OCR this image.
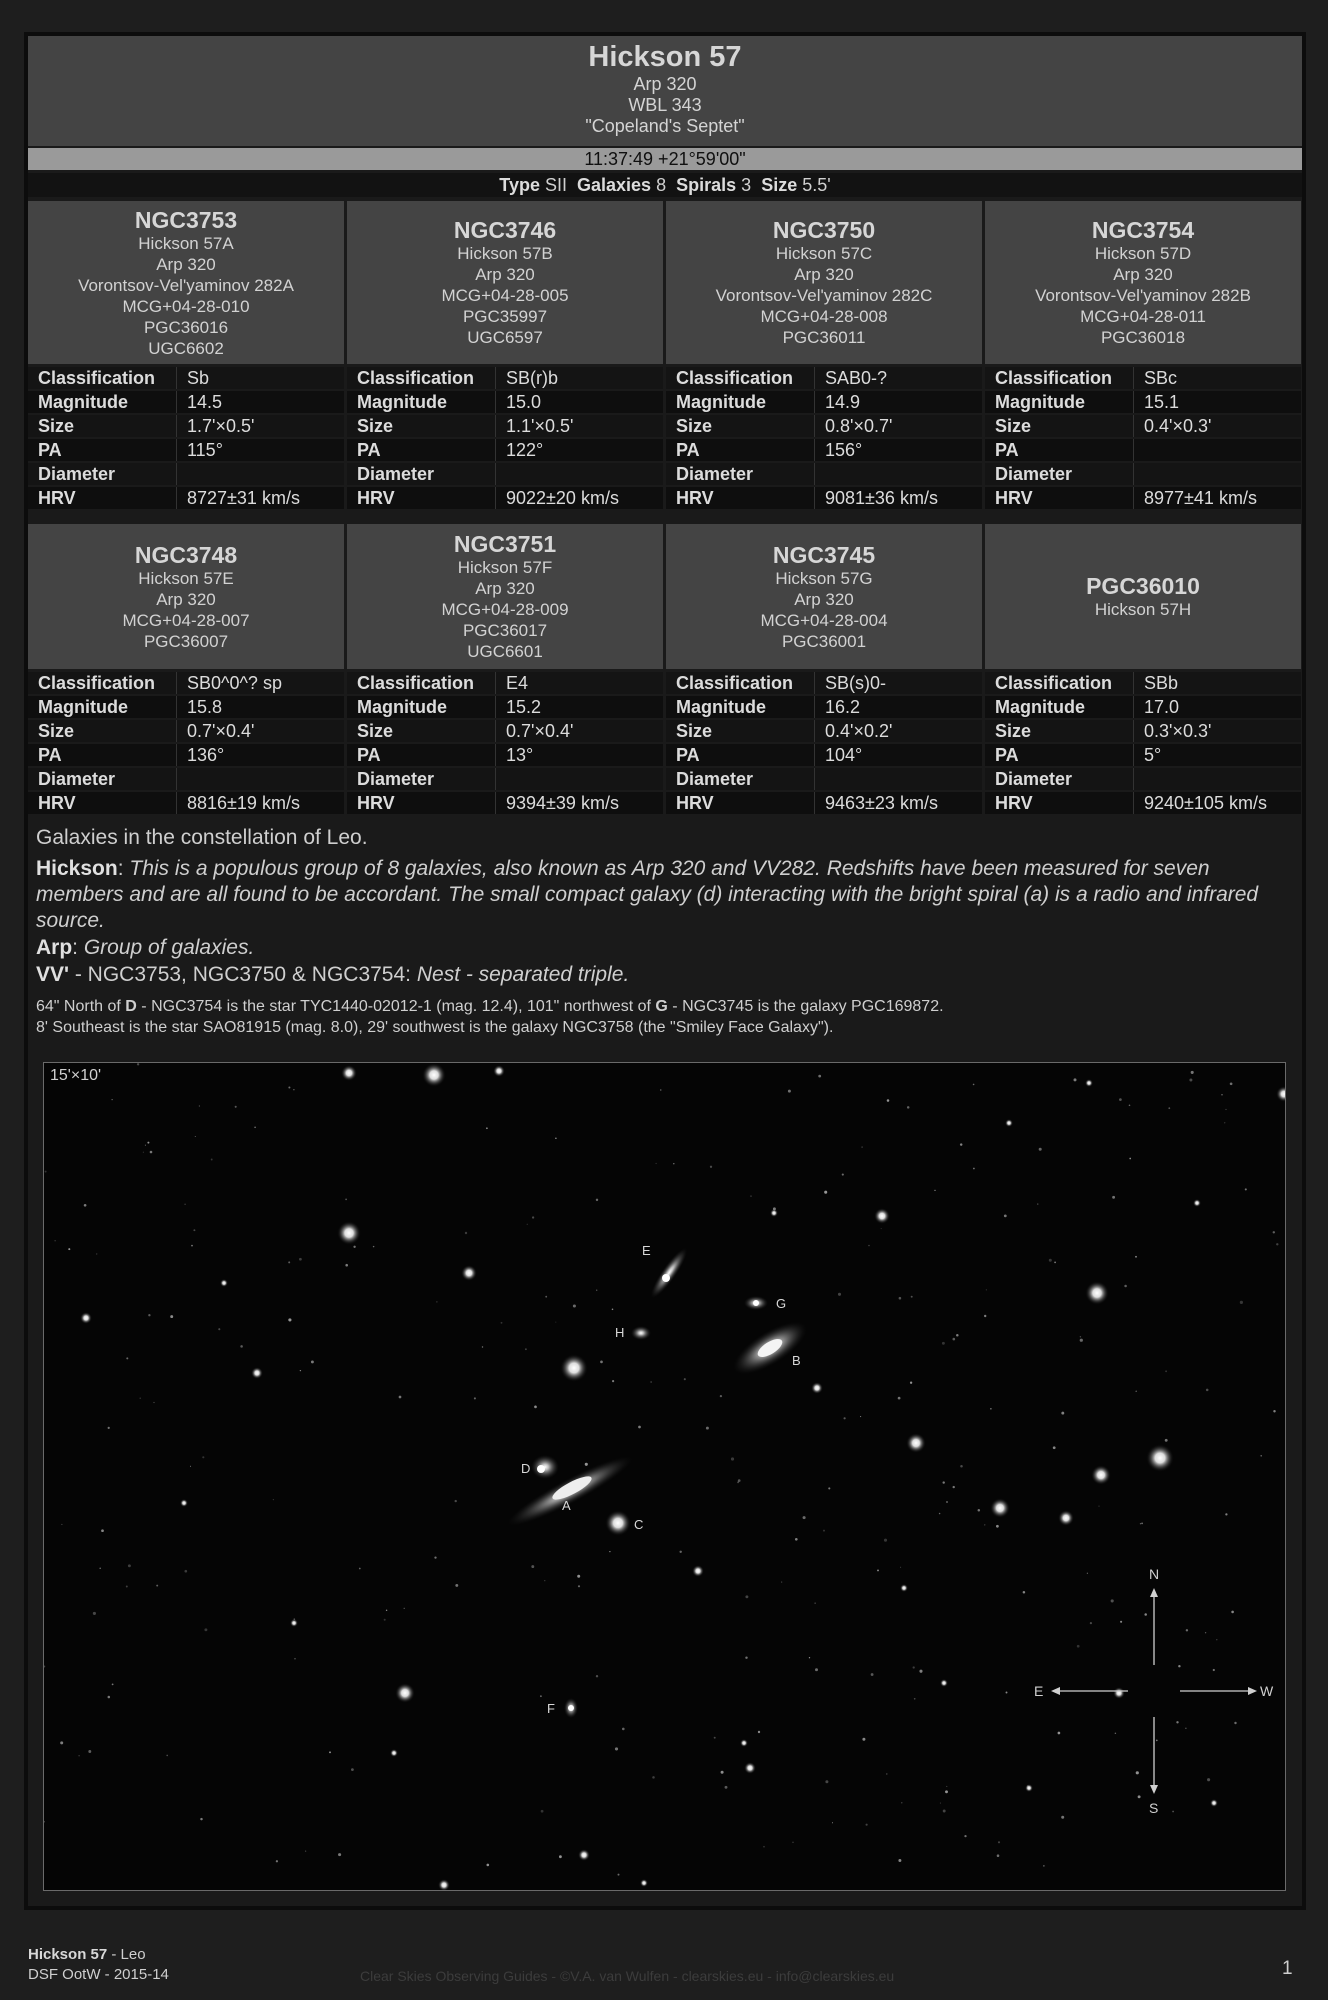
Hickson 57
Arp 320
WBL 343
"Copeland's Septet"
11:37:49 +21°59'00"
Type SII Galaxies 8 Spirals 3 Size 5.5'
NGC3753
Hickson 57A
Arp 320
Vorontsov-Vel'yaminov 282A
MCG+04-28-010
PGC36016
UGC6602
Classification	Sb
Magnitude	14.5
Size	1.7'×0.5'
PA	115°
Diameter	
HRV	8727±31 km/s
NGC3746
Hickson 57B
Arp 320
MCG+04-28-005
PGC35997
UGC6597
Classification	SB(r)b
Magnitude	15.0
Size	1.1'×0.5'
PA	122°
Diameter	
HRV	9022±20 km/s
NGC3750
Hickson 57C
Arp 320
Vorontsov-Vel'yaminov 282C
MCG+04-28-008
PGC36011
Classification	SAB0-?
Magnitude	14.9
Size	0.8'×0.7'
PA	156°
Diameter	
HRV	9081±36 km/s
NGC3754
Hickson 57D
Arp 320
Vorontsov-Vel'yaminov 282B
MCG+04-28-011
PGC36018
Classification	SBc
Magnitude	15.1
Size	0.4'×0.3'
PA	
Diameter	
HRV	8977±41 km/s
NGC3748
Hickson 57E
Arp 320
MCG+04-28-007
PGC36007
Classification	SB0^0^? sp
Magnitude	15.8
Size	0.7'×0.4'
PA	136°
Diameter	
HRV	8816±19 km/s
NGC3751
Hickson 57F
Arp 320
MCG+04-28-009
PGC36017
UGC6601
Classification	E4
Magnitude	15.2
Size	0.7'×0.4'
PA	13°
Diameter	
HRV	9394±39 km/s
NGC3745
Hickson 57G
Arp 320
MCG+04-28-004
PGC36001
Classification	SB(s)0-
Magnitude	16.2
Size	0.4'×0.2'
PA	104°
Diameter	
HRV	9463±23 km/s
PGC36010
Hickson 57H
Classification	SBb
Magnitude	17.0
Size	0.3'×0.3'
PA	5°
Diameter	
HRV	9240±105 km/s

Galaxies in the constellation of Leo.

Hickson: This is a populous group of 8 galaxies, also known as Arp 320 and VV282. Redshifts have been measured for seven members and are all found to be accordant. The small compact galaxy (d) interacting with the bright spiral (a) is a radio and infrared source.

Arp: Group of galaxies.

VV' - NGC3753, NGC3750 & NGC3754: Nest - separated triple.

64" North of D - NGC3754 is the star TYC1440-02012-1 (mag. 12.4), 101" northwest of G - NGC3745 is the galaxy PGC169872.

8' Southeast is the star SAO81915 (mag. 8.0), 29' southwest is the galaxy NGC3758 (the "Smiley Face Galaxy").

A
B
C
D
E
F
G
H
N
S
E	W
15'×10'
Hickson 57 - Leo
DSF OotW - 2015-14	Clear Skies Observing Guides - ©V.A. van Wulfen - clearskies.eu - info@clearskies.eu	1
